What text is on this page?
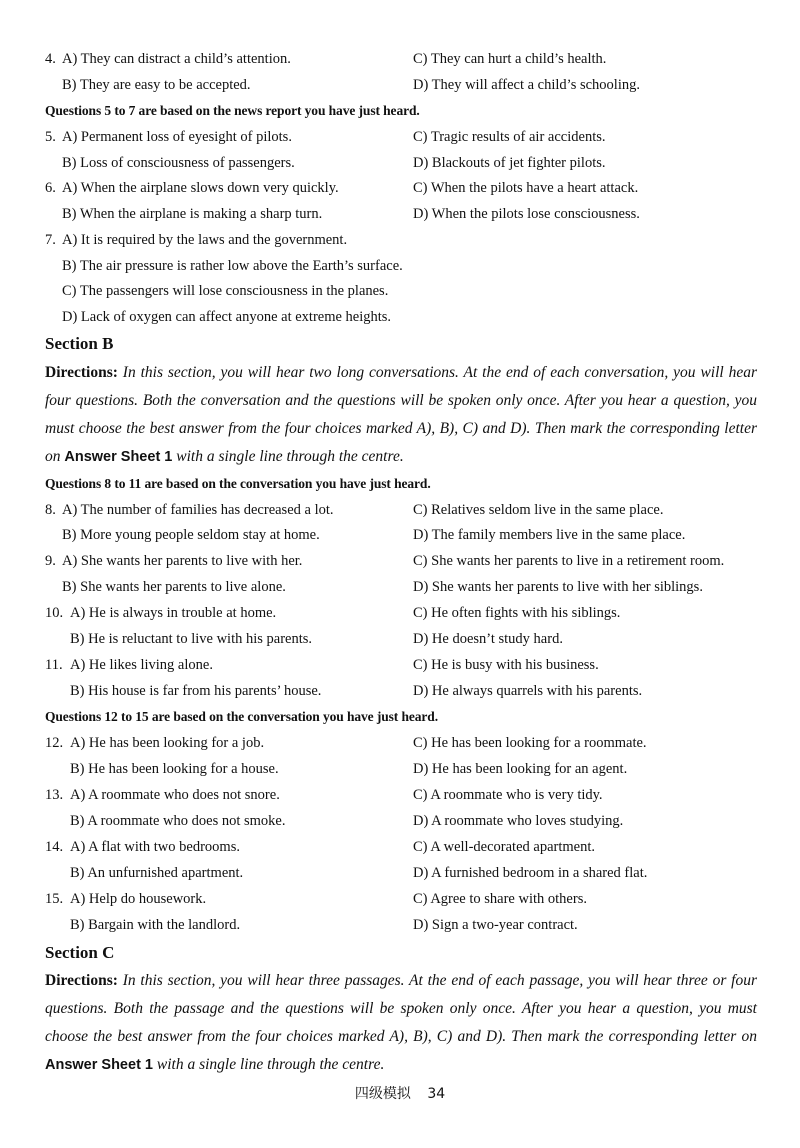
4. A) They can distract a child’s attention.	C) They can hurt a child’s health.
B) They are easy to be accepted.	D) They will affect a child’s schooling.
Questions 5 to 7 are based on the news report you have just heard.
5. A) Permanent loss of eyesight of pilots.	C) Tragic results of air accidents.
B) Loss of consciousness of passengers.	D) Blackouts of jet fighter pilots.
6. A) When the airplane slows down very quickly.	C) When the pilots have a heart attack.
B) When the airplane is making a sharp turn.	D) When the pilots lose consciousness.
7. A) It is required by the laws and the government.
B) The air pressure is rather low above the Earth’s surface.
C) The passengers will lose consciousness in the planes.
D) Lack of oxygen can affect anyone at extreme heights.
Section B
Directions: In this section, you will hear two long conversations. At the end of each conversation, you will hear four questions. Both the conversation and the questions will be spoken only once. After you hear a question, you must choose the best answer from the four choices marked A), B), C) and D). Then mark the corresponding letter on Answer Sheet 1 with a single line through the centre.
Questions 8 to 11 are based on the conversation you have just heard.
8. A) The number of families has decreased a lot.	C) Relatives seldom live in the same place.
B) More young people seldom stay at home.	D) The family members live in the same place.
9. A) She wants her parents to live with her.	C) She wants her parents to live in a retirement room.
B) She wants her parents to live alone.	D) She wants her parents to live with her siblings.
10. A) He is always in trouble at home.	C) He often fights with his siblings.
B) He is reluctant to live with his parents.	D) He doesn’t study hard.
11. A) He likes living alone.	C) He is busy with his business.
B) His house is far from his parents’ house.	D) He always quarrels with his parents.
Questions 12 to 15 are based on the conversation you have just heard.
12. A) He has been looking for a job.	C) He has been looking for a roommate.
B) He has been looking for a house.	D) He has been looking for an agent.
13. A) A roommate who does not snore.	C) A roommate who is very tidy.
B) A roommate who does not smoke.	D) A roommate who loves studying.
14. A) A flat with two bedrooms.	C) A well-decorated apartment.
B) An unfurnished apartment.	D) A furnished bedroom in a shared flat.
15. A) Help do housework.	C) Agree to share with others.
B) Bargain with the landlord.	D) Sign a two-year contract.
Section C
Directions: In this section, you will hear three passages. At the end of each passage, you will hear three or four questions. Both the passage and the questions will be spoken only once. After you hear a question, you must choose the best answer from the four choices marked A), B), C) and D). Then mark the corresponding letter on Answer Sheet 1 with a single line through the centre.
四级模拟 34
